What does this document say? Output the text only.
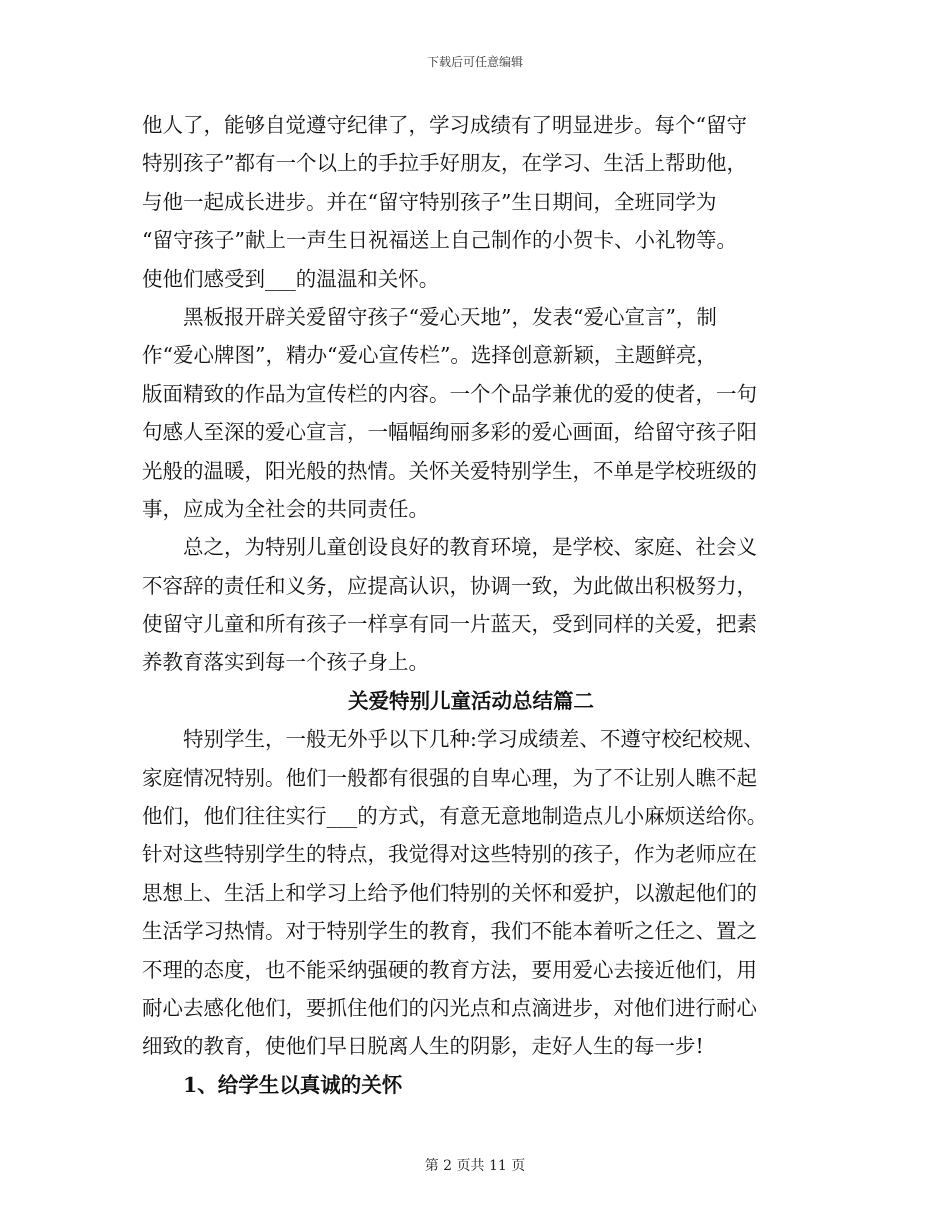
下载后可任意编辑
他人了，能够自觉遵守纪律了，学习成绩有了明显进步。每个“留守
特别孩子”都有一个以上的手拉手好朋友，在学习、生活上帮助他，
与他一起成长进步。并在“留守特别孩子”生日期间，全班同学为
“留守孩子”献上一声生日祝福送上自己制作的小贺卡、小礼物等。
使他们感受到___的温温和关怀。
　　黑板报开辟关爱留守孩子“爱心天地”，发表“爱心宣言”，制
作“爱心牌图”，精办“爱心宣传栏”。选择创意新颖，主题鲜亮，
版面精致的作品为宣传栏的内容。一个个品学兼优的爱的使者，一句
句感人至深的爱心宣言，一幅幅绚丽多彩的爱心画面，给留守孩子阳
光般的温暖，阳光般的热情。关怀关爱特别学生，不单是学校班级的
事，应成为全社会的共同责任。
　　总之，为特别儿童创设良好的教育环境，是学校、家庭、社会义
不容辞的责任和义务，应提高认识，协调一致，为此做出积极努力，
使留守儿童和所有孩子一样享有同一片蓝天，受到同样的关爱，把素
养教育落实到每一个孩子身上。
关爱特别儿童活动总结篇二
　　特别学生，一般无外乎以下几种:学习成绩差、不遵守校纪校规、
家庭情况特别。他们一般都有很强的自卑心理，为了不让别人瞧不起
他们，他们往往实行___的方式，有意无意地制造点儿小麻烦送给你。
针对这些特别学生的特点，我觉得对这些特别的孩子，作为老师应在
思想上、生活上和学习上给予他们特别的关怀和爱护，以激起他们的
生活学习热情。对于特别学生的教育，我们不能本着听之任之、置之
不理的态度，也不能采纳强硬的教育方法，要用爱心去接近他们，用
耐心去感化他们，要抓住他们的闪光点和点滴进步，对他们进行耐心
细致的教育，使他们早日脱离人生的阴影，走好人生的每一步!
1、给学生以真诚的关怀
第 2 页共 11 页
